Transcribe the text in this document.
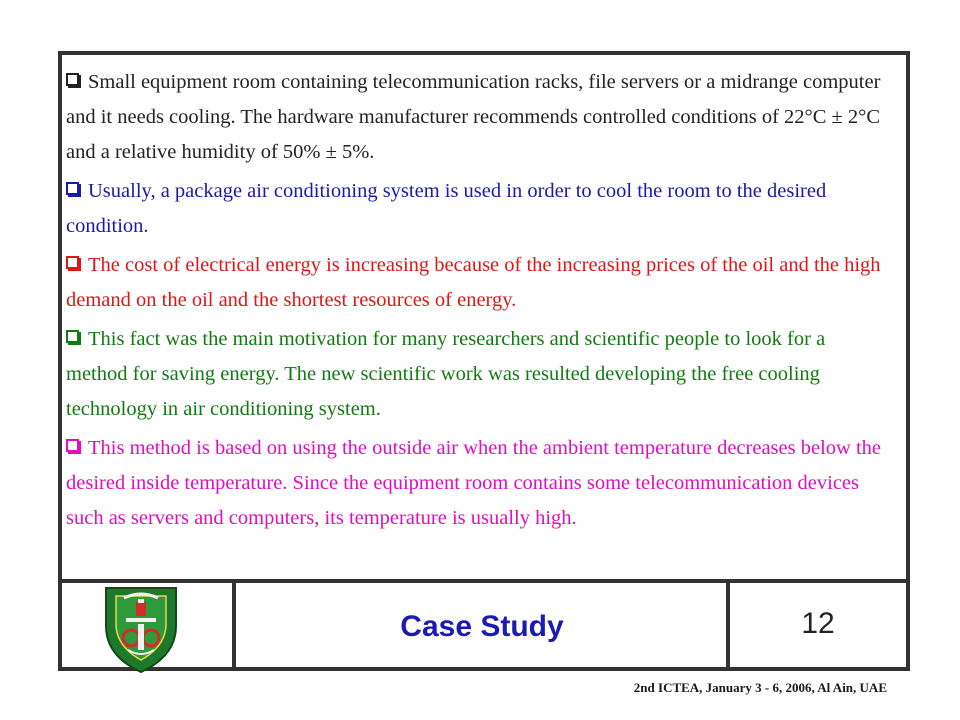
Small equipment room containing telecommunication racks, file servers or a midrange computer and it needs cooling. The hardware manufacturer recommends controlled conditions of 22°C ± 2°C and a relative humidity of 50% ± 5%.

Usually, a package air conditioning system is used in order to cool the room to the desired condition.

The cost of electrical energy is increasing because of the increasing prices of the oil and the high demand on the oil and the shortest resources of energy.

This fact was the main motivation for many researchers and scientific people to look for a method for saving energy. The new scientific work was resulted developing the free cooling technology in air conditioning system.

This method is based on using the outside air when the ambient temperature decreases below the desired inside temperature. Since the equipment room contains some telecommunication devices such as servers and computers, its temperature is usually high.

Case Study	12
2nd ICTEA, January 3 - 6, 2006, Al Ain, UAE
